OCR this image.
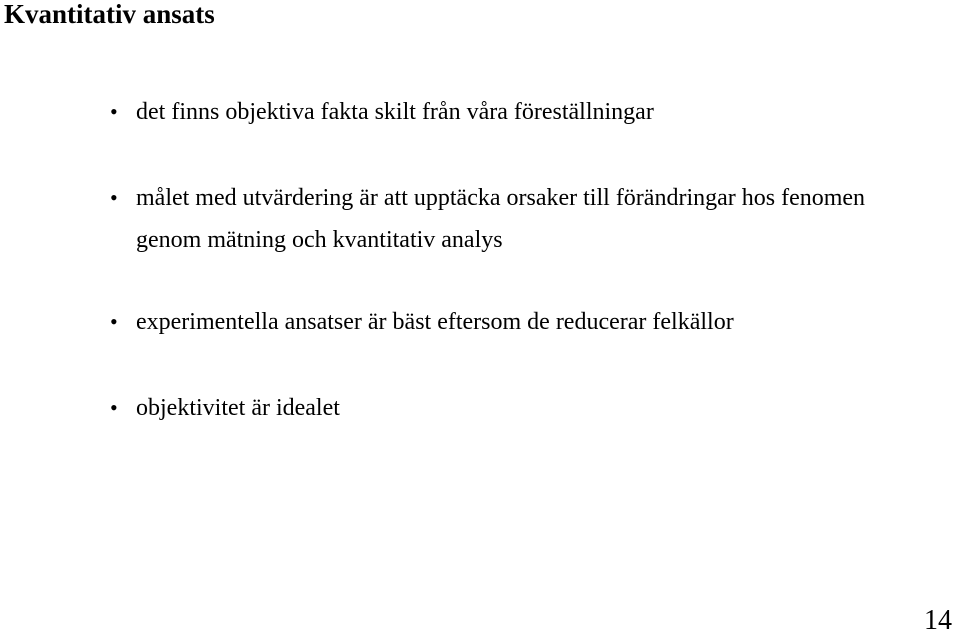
Kvantitativ ansats
• det finns objektiva fakta skilt från våra föreställningar
• målet med utvärdering är att upptäcka orsaker till förändringar hos fenomen genom mätning och kvantitativ analys
• experimentella ansatser är bäst eftersom de reducerar felkällor
• objektivitet är idealet
14
